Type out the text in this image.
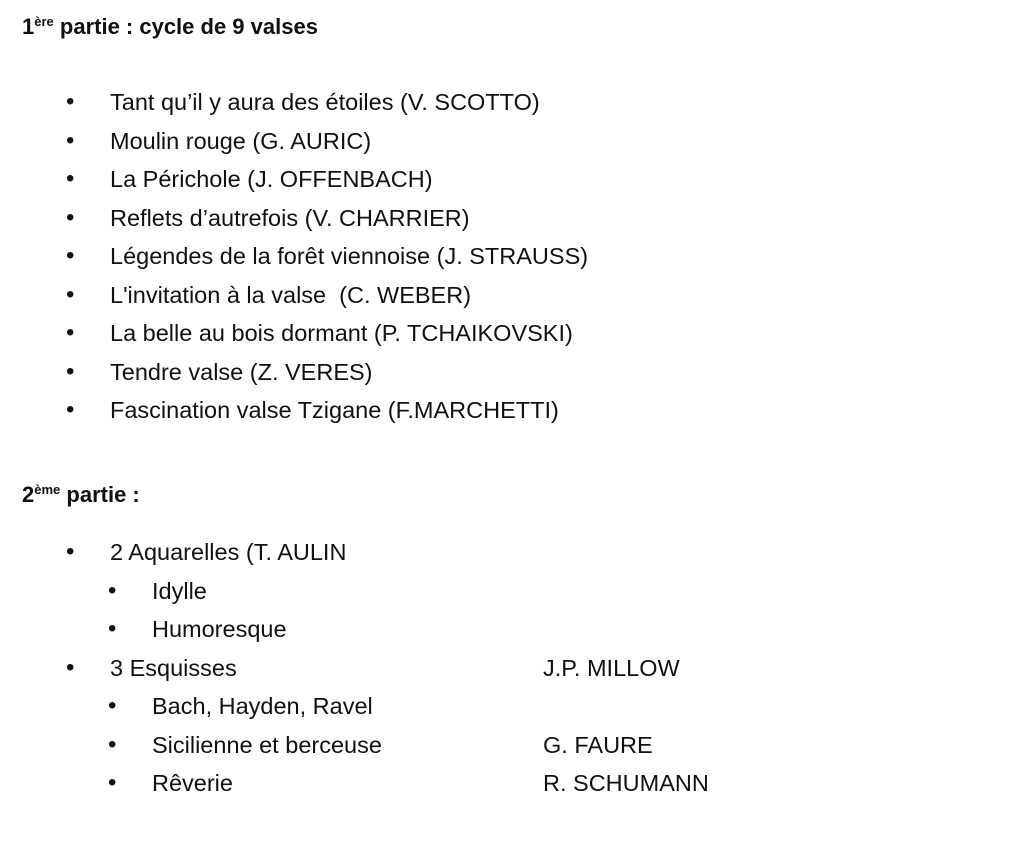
1ère partie : cycle de 9 valses
• Tant qu’il y aura des étoiles (V. SCOTTO)
• Moulin rouge (G. AURIC)
• La Périchole (J. OFFENBACH)
• Reflets d’autrefois (V. CHARRIER)
• Légendes de la forêt viennoise (J. STRAUSS)
• L'invitation à la valse  (C. WEBER)
• La belle au bois dormant (P. TCHAIKOVSKI)
• Tendre valse (Z. VERES)
• Fascination valse Tzigane (F.MARCHETTI)
2ème partie :
• 2 Aquarelles (T. AULIN
• Idylle
• Humoresque
• 3 Esquisses	J.P. MILLOW
• Bach, Hayden, Ravel
• Sicilienne et berceuse	G. FAURE
• Rêverie	R. SCHUMANN
